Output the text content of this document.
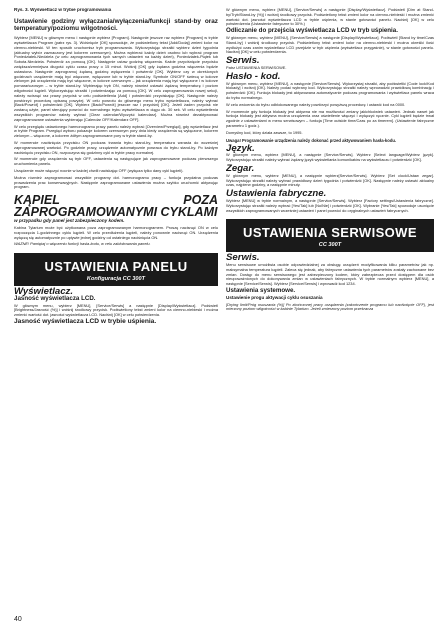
Rys. 3. Wyświetlacz w trybie programowania

Ustawienie godziny wyłączania/wyłączenia/funkcji stand-by oraz temperatury/poziomu wilgotności.

Wybierz [MENU] w głównym menu i następnie wybierz [Program]. Następnie jeszcze raz wybierz [Program] w trybie wyświetlacza Program (patrz rys. 3). Wciśnięcie [OK] spowoduje, że podświetlony tekst [Add/Dodaj] zmieni kolor na ciemno-niebieski. W ten sposób uruchomisz tryb programowania. Wykorzystując strzałki wybierz dzień tygodnia (aktualny wybór zaznaczony jest kolorem czerwonym). Można wybierać każdy dzień osobno lub wybrać program Poniedziałek-Niedziela (w celu zaprogramowania tych samych ustawień na każdy dzień), Poniedziałek-Piątek lub Sobota-Niedziela. Potwierdź za pomocą [OK]. Następnie ustaw godzinę włączenia. Każde przyciśnięcie przycisku zwiększa/zmniejsza długość cyklu czasu pracy o 15 minut. Wciśnij [OK] gdy żądana godzina włączenia będzie ustawiona. Następnie zaprogramuj żądaną godzinę wyłączenia i potwierdź [OK]. Wybierz czy w określonych godzinach urządzenie mają być włączone, wyłączone lub w trybie stand-by. Symbole ON/OFF świecą w kolorze zielonym jak urządzenia mają być włączone, w kolorze czerwonym – jak urządzenia mają być wyłączone i w kolorze pomarańczowym – w trybie stand-by. Wybierając tryb ON, należy również ustawić żądaną temperaturę i poziom wilgotności kąpieli. Wykorzystując strzałki i potwierdzając za pomocą [OK]. W celu zaprogramowania nowej sekcji, należy wcisnąć raz prawy przycisk w celu podświetlenia [Add] i potwierdzić przyciskając [OK]. Następnie należy powtórzyć procedurę opisaną powyżej. W celu powrotu do głównego menu trybu wyświetlacza, należy wybrać [Back/Powrót] i potwierdzić [OK]. Wybierz [Back/Powrót] jeszcze raz i przyciśnij [OK]. Jeżeli żaden przycisk nie zostaną użyte, panel sterujący powróci do normalnego trybu wyświetlacza w ciągu ok. 30 sek. W celu wyświetlenia wszystkich programów należy wybrać [Clear calendar/Wyczyść kalendarz]. Można również dezaktywować zaprogramowane ustawienia wybierając [Calendar OFF/Kalendarz OFF].

W celu przeglądu ustawionego harmonogramu pracy panelu należy wybrać [Overview/Przegląd], gdy wyświetlacz jest w trybie Program. Przegląd wyboru pokazuje kolorem czerwonym pory dnia kiedy urządzenia są wyłączone, kolorem zielonym – włączone, a kolorem żółtym zaprogramowane pory w trybie stand-by.

W momencie naciśnięcia przycisku ON podczas trwania trybu stand-by, temperatura wzrasta do wcześniej zaprogramowanej wartości. Po godzinie pracy, urządzenie automatycznie powraca do trybu stand-by. Po każdym naciśnięciu przycisku ON, rozpoczyna się godzinny cykl w trybie pracy normalnej.

W momencie gdy urządzenia są tryb OFF, ustawienia są następujące jak zaprogramowane podczas pierwszego uruchomienia panelu.

Urządzenie może włączyć nocnie w każdej chwili naciskając OFF (wyłącza tylko dany cykl kąpieli).

Można również zaprogramować wszystkie programy dot. harmonogramu pracy – funkcja przydatna podczas prowadzenia prac konserwacyjnych. Następnie zaprogramowane ustawienia można szybko uruchomić aktywując program.

KĄPIEL POZA ZAPROGRAMOWANYMI CYKLAMI

w przypadku gdy panel jest zabezpieczony kodem.

Kabina Tylarium może być użytkowana poza zaprogramowanym harmonogramem. Proszę nacisnąć ON w celu rozpoczęcia 1-godzinnego cyklu kąpieli. W celu przedłużenia kąpieli, należy ponownie nacisnąć ON. Urządzenia wyłączą się automatycznie po upływie jednej godziny od ostatniego naciśnięcia ON.

WAŻNE! Pamiętaj o włączeniu funkcji hasła-kodu, w celu zablokowania panelu.

USTAWIENIA PANELU
Konfiguracja CC 300T

Wyświetlacz.

Jasność wyświetlacza LCD.

W głównym menu, wybierz [MENU], [Service/Serwis] a następnie [Display/Wyświetlacz]. Podświetl [Brightness/Jasność (%)] i wciśnij środkowy przycisk. Podświetlony tekst zmieni kolor na ciemno-niebieski i można zmienić wartość dot. jasności wyświetlacza LCD. Naciśnij [OK] w celu potwierdzenia.

Jasność wyświetlacza LCD w trybie uśpienia.

W głównym menu, wybierz [MENU], [Service/Serwis] a następnie [Display/Wyświetlacz]. Podświetl [Dim at Stand-by/Tryb/Stand-by (%)] i wciśnij środkowy przycisk. Podświetlony tekst zmieni kolor na ciemno-niebieski i można zmienić wartość dot. jasności wyświetlacza LCD w trybie uśpienia, w stanie gotowości panelu. Naciśnij [OK] w celu potwierdzenia (Ustawienie fabryczne to 30%.)

Odliczanie do przejścia wyświetlacza LCD w tryb uśpienia.

W głównym menu, wybierz [MENU], [Service/Serwis] a następnie [Display/Wyświetlacz]. Podświetl [Stand by time/Czas Stand-by] i wciśnij środkowy przycisk. Podświetlony tekst zmieni kolor na ciemno-niebieski i można określić ilość wydłużyć czas zanim wyświetlacz LCD przejdzie w tryb uśpienia (wyświetlacz przygaśnie), w stanie gotowości panelu. Naciśnij [OK] w celu potwierdzenia.

Serwis.

Patrz USTAWIENIA SERWISOWE.

Hasło - kod.

W głównym menu, wybierz [MENU], a następnie [Service/Serwis]. Wykorzystaj strzałki, aby podświetlić [Code lock/Kod blokady] i wciśnij [OK]. Należy podać wybrany kod. Wykorzystując strzałki należy wprowadzić prawidłową kombinację i potwierdzić [OK]. Funkcja blokady jest aktywowana automatycznie podczas programowania i wyświetlacz panelu wraca do trybu normalnego.

W celu wrócenia do trybu odblokowanego należy powtórzyć powyższą procedurę i ustawić kod na 0000.

W momencie gdy funkcja blokady jest aktywna nie ma możliwości zmiany jakichkolwiek ustawień. Jednak nawet jak funkcja blokady jest aktywna można urządzenia oraz oświetlenie włączyć i wyłączyć ręcznie. Cykl kąpieli będzie trwał zgodnie z ustawieniami w menu serwisowym – funkcja [Time outside time/Czas po za timerem]. (Ustawienie fabryczne parametru 1 godz.).

Domyślny kod, który działa zawsze, to 1995.

Uwaga! Programowanie urządzenia należy dokonać przed aktywowaniem hasła-kodu.

Język.

W głównym menu, wybierz [MENU], a następnie [Service/Serwis]. Wybierz [Select language/Wybierz język]. Wykorzystując strzałki należy wybrać żądany język wyświetlania komunikatów na wyświetlaczu i potwierdzić [OK].

Zegar.

W głównym menu, wybierz [MENU], a następnie wybierz[Service/Serwis]. Wybierz [Set clock/Ustaw zegar]. Wykorzystując strzałki należy wybrać prawidłowy dzień tygodnia i potwierdzić [OK]. Następnie należy ustawić aktualny czas, najpierw godziny, a następnie minuty.

Ustawienia fabryczne.

Wybierz [MENU] w trybie normalnym, a następnie [Service/Serwis]. Wybierz [Factory settings/Ustawienia fabryczne]. Wykorzystując strzałki należy wybrać [Yes/Tak] lub [No/Nie] i potwierdzić [OK]. Wybranie [Yes/Tak] spowoduje usunięcie wszystkich zaprogramowanych wcześniej ustawień i panel powróci do oryginalnych ustawień fabrycznych.

USTAWIENIA SERWISOWE
CC 300T

Serwis.

Menu serwisowe umożliwia osobie odpowiedzialnej za obsługę urządzeń modyfikowania kilku parametrów jak np. maksymalna temperatura kąpieli. Zaleca się jednak, aby fabryczne ustawienia tych parametrów zostały zachowane bez zmian. Dostęp do menu serwisowego jest zabezpieczony kodem, który zabezpiecza przed dostępem dla osób nieupoważnionych do dokonywania zmian w ustawieniach fabrycznych. W trybie normalnym wybierz [MENU], a następnie [Service/Serwis]. Wybierz [Service/Serwis] i wprowadź kod 1234.

Ustawienia systemowe.

Ustawienie progu aktywacji cyklu osuszania

[Drying limit/Próg osuszania (%)] Po zkończonej pracy urządzenia (zakończenie programu lub naciśnięcie OFF), jest mierzony poziom wilgotności w kabinie Tylarium. Jeżeli zmierzony poziom przekracza

40
